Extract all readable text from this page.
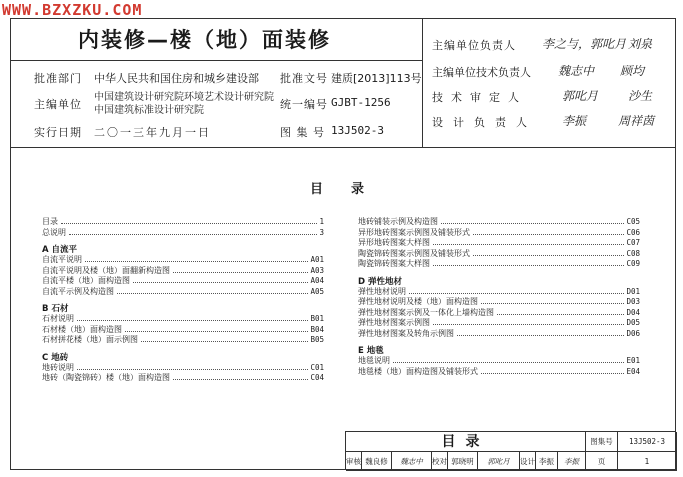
WWW.BZXZKU.COM
内装修—楼（地）面装修
批准部门 中华人民共和国住房和城乡建设部
主编单位
中国建筑设计研究院环境艺术设计研究院
中国建筑标准设计研究院
实行日期 二〇一三年九月一日
批准文号 建质[2013]113号
统一编号 GJBT-1256
图 集 号 13J502-3
主编单位负责人 李之与，郭叱月 刘泉
主编单位技术负责人 魏志中 顾均
技术审定人	郭叱月 沙生
设计负责人 李振	周祥茵
目录
目录	1
总说明	3
A 自流平
自流平说明	A01
自流平说明及楼（地）面翻新构造图	A03
自流平楼（地）面构造图	A04
自流平示例及构造图	A05
B 石材
石材说明	B01
石材楼（地）面构造图	B04
石材拼花楼（地）面示例图	B05
C 地砖
地砖说明	C01
地砖（陶瓷锦砖）楼（地）面构造图	C04
地砖铺装示例及构造图	C05
异形地砖图案示例图及铺装形式	C06
异形地砖图案大样图	C07
陶瓷锦砖图案示例图及铺装形式	C08
陶瓷锦砖图案大样图	C09
D 弹性地材
弹性地材说明	D01
弹性地材说明及楼（地）面构造图	D03
弹性地材图案示例及一体化上墙构造图	D04
弹性地材图案示例图	D05
弹性地材图案及转角示例图	D06
E 地毯
地毯说明	E01
地毯楼（地）面构造图及铺装形式	E04
目录	图集号	13J502-3
审核 魏良修	魏志中	校对 郭晓明	郭叱月	设计 李振	李振	页	1
